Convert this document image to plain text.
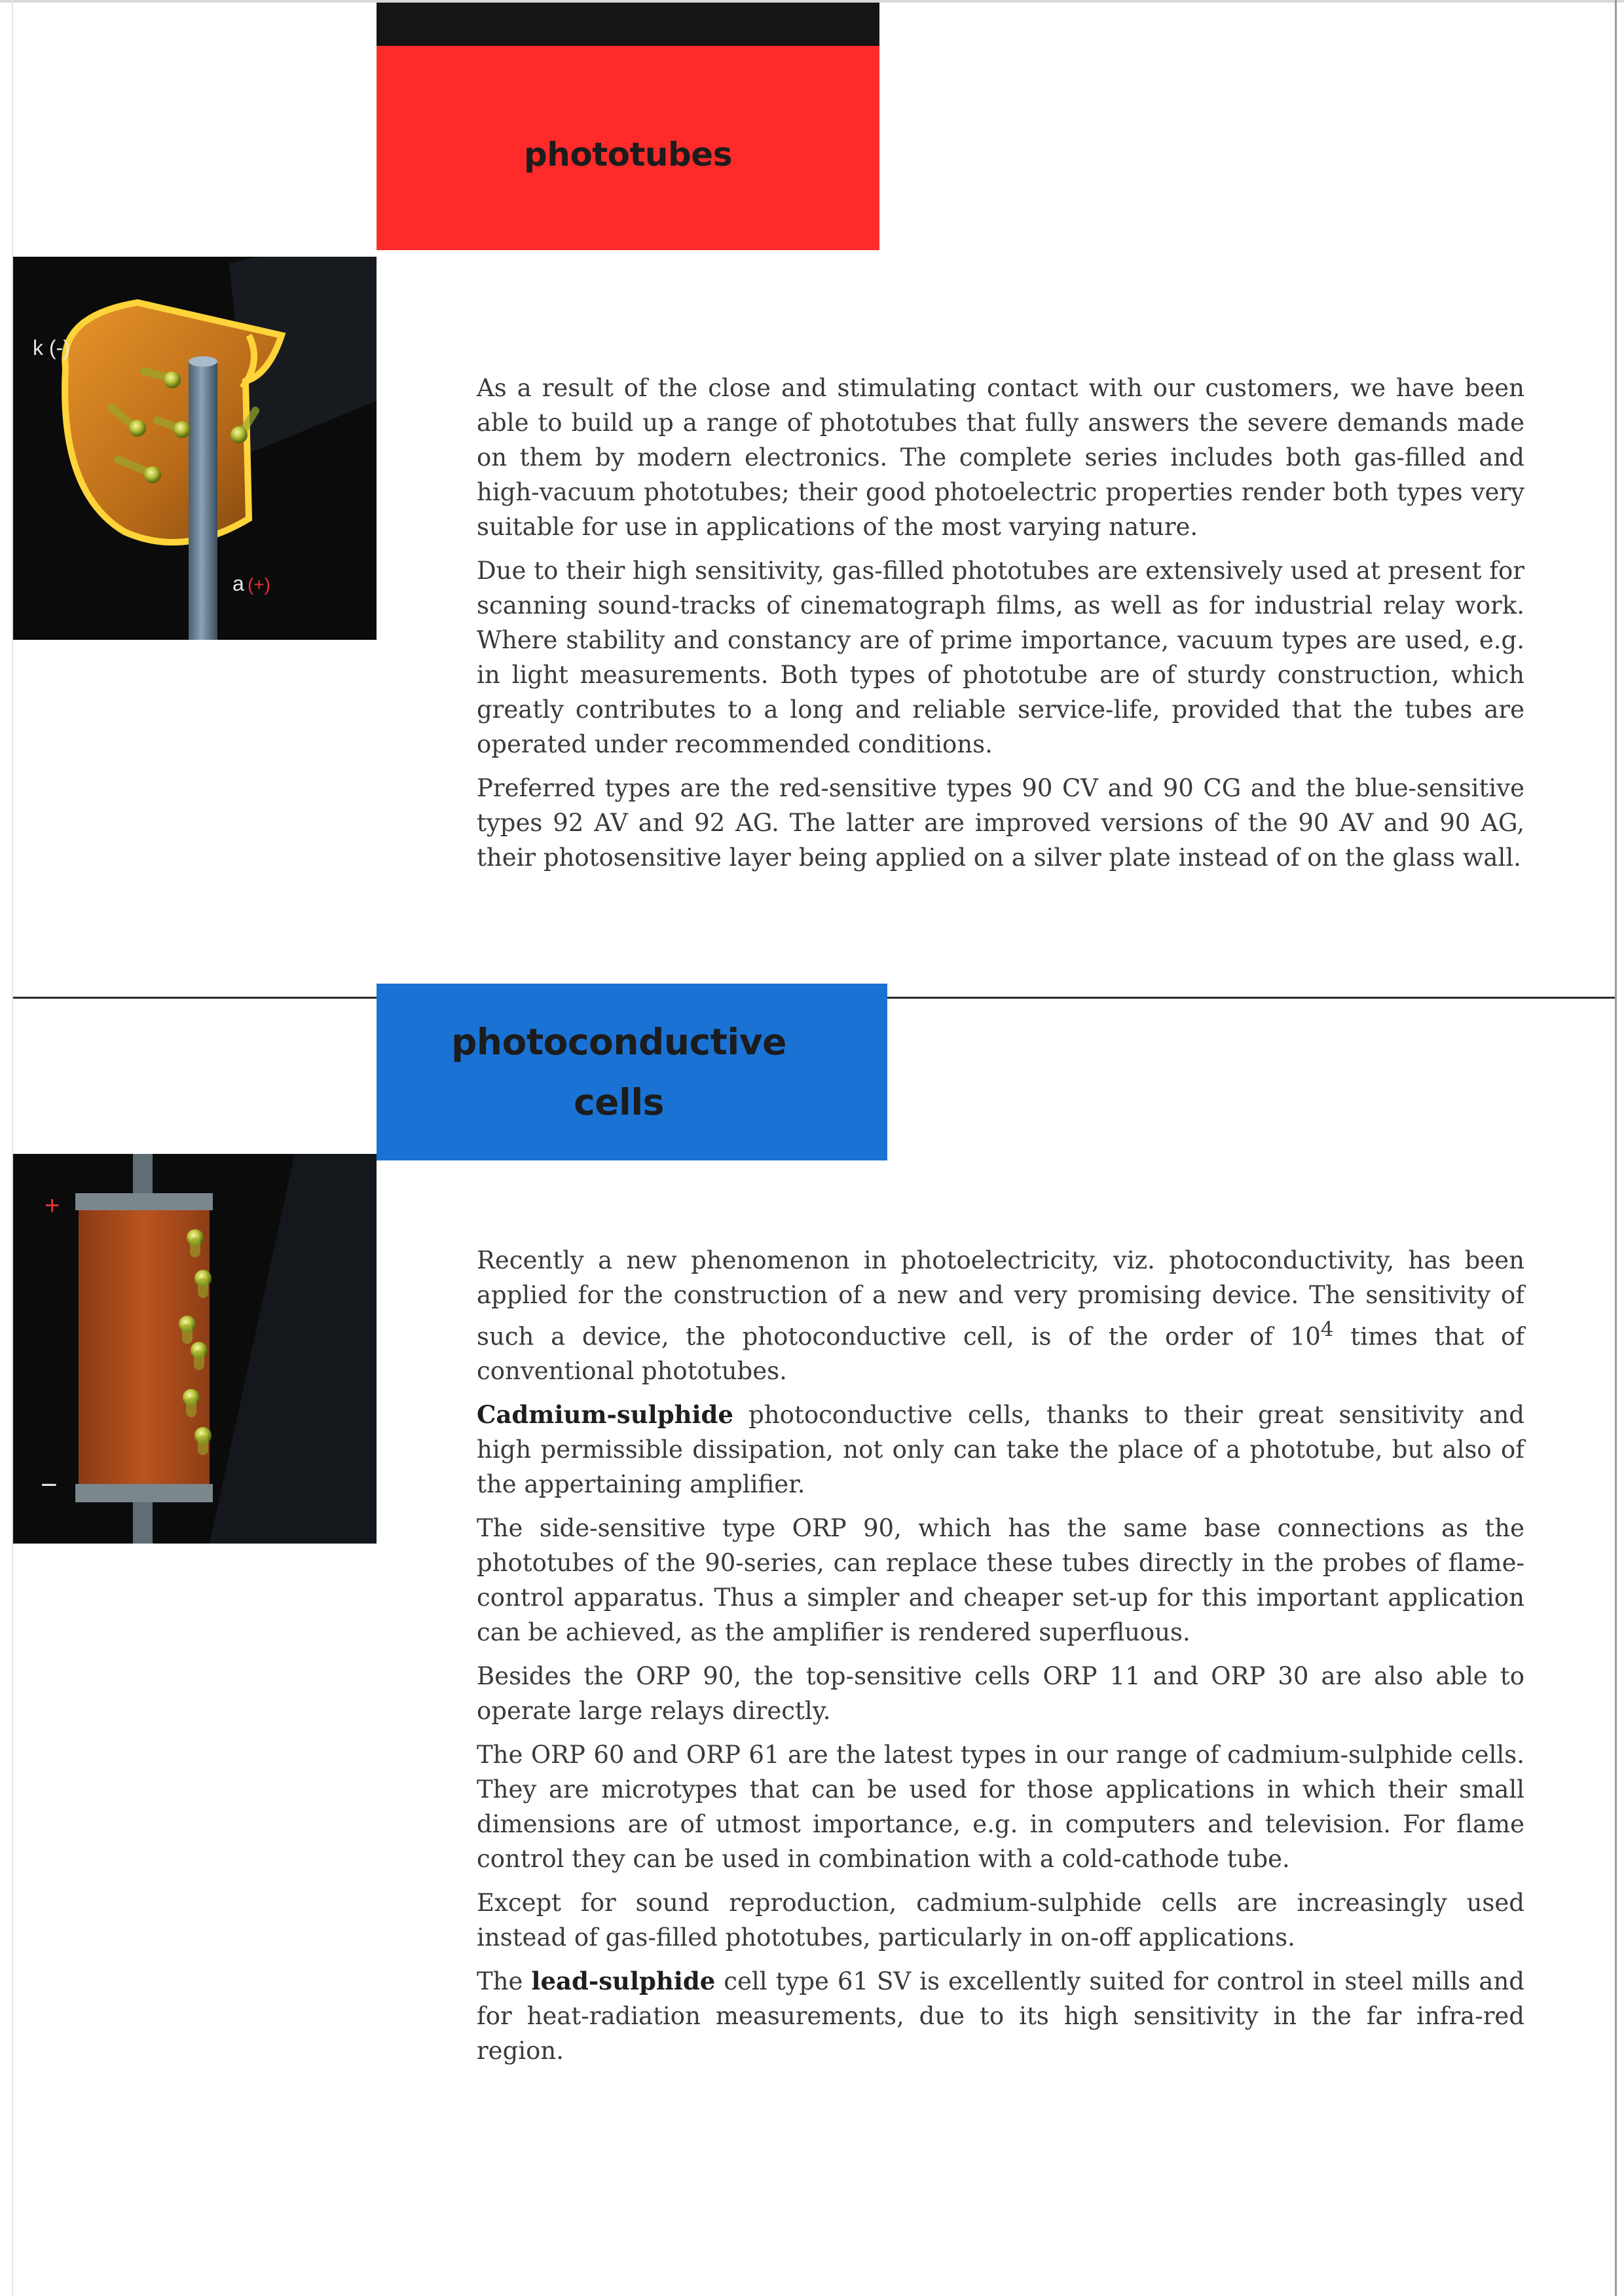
phototubes
k (-)
a (+)

As a result of the close and stimulating contact with our customers, we have been able to build up a range of phototubes that fully answers the severe demands made on them by modern electronics. The complete series includes both gas-filled and high-vacuum phototubes; their good photoelectric properties render both types very suitable for use in applications of the most varying nature.

Due to their high sensitivity, gas-filled phototubes are extensively used at present for scanning sound-tracks of cinematograph films, as well as for industrial relay work. Where stability and constancy are of prime importance, vacuum types are used, e.g. in light measurements. Both types of phototube are of sturdy construction, which greatly contributes to a long and reliable service-life, provided that the tubes are operated under recommended conditions.

Preferred types are the red-sensitive types 90 CV and 90 CG and the blue-sensitive types 92 AV and 92 AG. The latter are improved versions of the 90 AV and 90 AG, their photosensitive layer being applied on a silver plate instead of on the glass wall.

photoconductive cells
+
−

Recently a new phenomenon in photoelectricity, viz. photoconductivity, has been applied for the construction of a new and very promising device. The sensitivity of such a device, the photoconductive cell, is of the order of $10^4$ times that of conventional phototubes.

Cadmium-sulphide photoconductive cells, thanks to their great sensitivity and high permissible dissipation, not only can take the place of a phototube, but also of the appertaining amplifier.

The side-sensitive type ORP 90, which has the same base connections as the phototubes of the 90-series, can replace these tubes directly in the probes of flame-control apparatus. Thus a simpler and cheaper set-up for this important application can be achieved, as the amplifier is rendered superfluous.

Besides the ORP 90, the top-sensitive cells ORP 11 and ORP 30 are also able to operate large relays directly.

The ORP 60 and ORP 61 are the latest types in our range of cadmium-sulphide cells. They are microtypes that can be used for those applications in which their small dimensions are of utmost importance, e.g. in computers and television. For flame control they can be used in combination with a cold-cathode tube.

Except for sound reproduction, cadmium-sulphide cells are increasingly used instead of gas-filled phototubes, particularly in on-off applications.

The lead-sulphide cell type 61 SV is excellently suited for control in steel mills and for heat-radiation measurements, due to its high sensitivity in the far infra-red region.
